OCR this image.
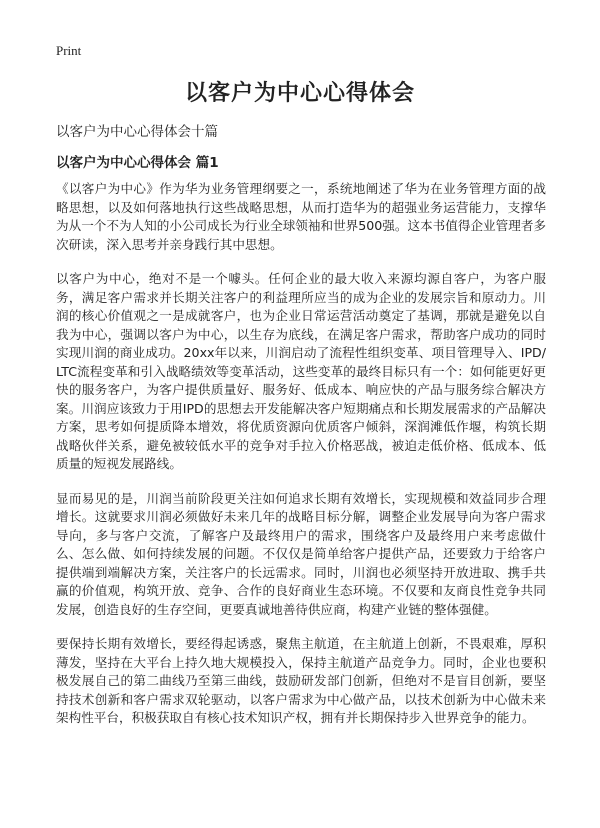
Print
以客户为中心心得体会

以客户为中心心得体会十篇

以客户为中心心得体会 篇1

《以客户为中心》作为华为业务管理纲要之一，系统地阐述了华为在业务管理方面的战略思想，以及如何落地执行这些战略思想，从而打造华为的超强业务运营能力，支撑华为从一个不为人知的小公司成长为行业全球领袖和世界500强。这本书值得企业管理者多次研读，深入思考并亲身践行其中思想。

以客户为中心，绝对不是一个噱头。任何企业的最大收入来源均源自客户，为客户服务，满足客户需求并长期关注客户的利益理所应当的成为企业的发展宗旨和原动力。川润的核心价值观之一是成就客户，也为企业日常运营活动奠定了基调，那就是避免以自我为中心，强调以客户为中心，以生存为底线，在满足客户需求，帮助客户成功的同时实现川润的商业成功。20xx年以来，川润启动了流程性组织变革、项目管理导入、IPD/LTC流程变革和引入战略绩效等变革活动，这些变革的最终目标只有一个：如何能更好更快的服务客户，为客户提供质量好、服务好、低成本、响应快的产品与服务综合解决方案。川润应该致力于用IPD的思想去开发能解决客户短期痛点和长期发展需求的产品解决方案，思考如何提质降本增效，将优质资源向优质客户倾斜，深润滩低作堰，构筑长期战略伙伴关系，避免被较低水平的竞争对手拉入价格恶战，被迫走低价格、低成本、低质量的短视发展路线。

显而易见的是，川润当前阶段更关注如何追求长期有效增长，实现规模和效益同步合理增长。这就要求川润必须做好未来几年的战略目标分解，调整企业发展导向为客户需求导向，多与客户交流，了解客户及最终用户的需求，围绕客户及最终用户来考虑做什么、怎么做、如何持续发展的问题。不仅仅是简单给客户提供产品，还要致力于给客户提供端到端解决方案，关注客户的长远需求。同时，川润也必须坚持开放进取、携手共赢的价值观，构筑开放、竞争、合作的良好商业生态环境。不仅要和友商良性竞争共同发展，创造良好的生存空间，更要真诚地善待供应商，构建产业链的整体强健。

要保持长期有效增长，要经得起诱惑，聚焦主航道，在主航道上创新，不畏艰难，厚积薄发，坚持在大平台上持久地大规模投入，保持主航道产品竞争力。同时，企业也要积极发展自己的第二曲线乃至第三曲线，鼓励研发部门创新，但绝对不是盲目创新，要坚持技术创新和客户需求双轮驱动，以客户需求为中心做产品，以技术创新为中心做未来架构性平台，积极获取自有核心技术知识产权，拥有并长期保持步入世界竞争的能力。
